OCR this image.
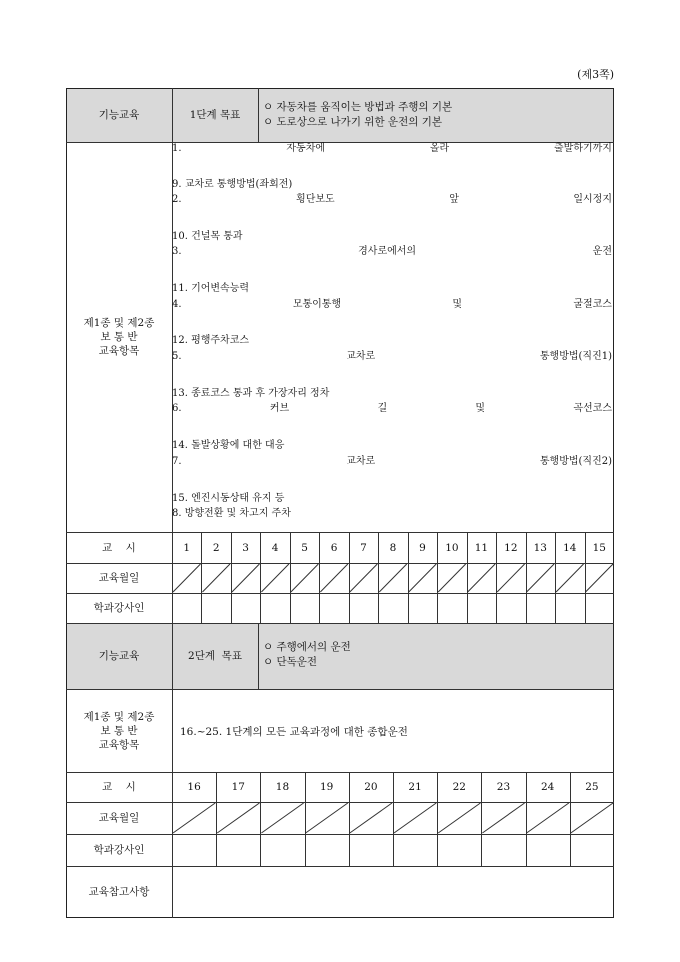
(제3쪽)
기능교육	1단계 목표
ㅇ 자동차를 움직이는 방법과 주행의 기본
ㅇ 도로상으로 나가기 위한 운전의 기본
제1종 및 제2종
보 통 반
교육항목
1.	자동차에	올라	출발하기까지
9. 교차로 통행방법(좌회전)
2.	횡단보도	앞	일시정지
10. 건널목 통과
3.	경사로에서의	운전
11. 기어변속능력
4.	모통이통행	및	굴절코스
12. 평행주차코스
5.	교차로	통행방법(직진1)
13. 종료코스 통과 후 가장자리 정차
6.	커브	길	및	곡선코스
14. 돌발상황에 대한 대응
7.	교차로	통행방법(직진2)
15. 엔진시동상태 유지 등
8. 방향전환 및 차고지 주차
교    시	1	2	3	4	5	6	7	8	9	10	11	12	13	14	15
교육월일
학과강사인
기능교육	2단계  목표
ㅇ 주행에서의 운전
ㅇ 단독운전
제1종 및 제2종
보 통 반
교육항목
16.~25. 1단계의 모든 교육과정에 대한 종합운전
교    시	16	17	18	19	20	21	22	23	24	25
교육월일
학과강사인
교육참고사항
